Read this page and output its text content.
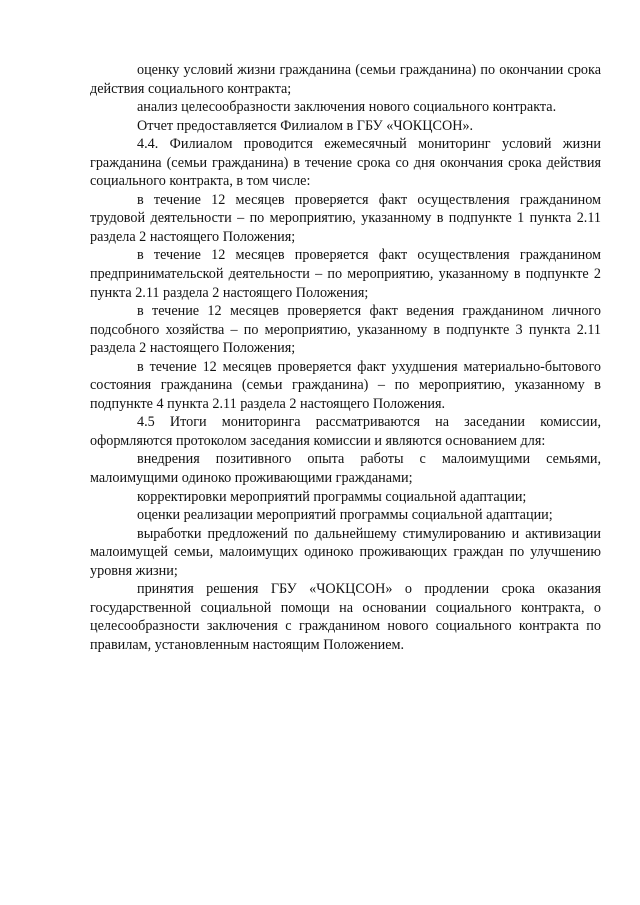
оценку условий жизни гражданина (семьи гражданина) по окончании срока действия социального контракта;

анализ целесообразности заключения нового социального контракта.

Отчет предоставляется Филиалом в ГБУ «ЧОКЦСОН».

4.4. Филиалом проводится ежемесячный мониторинг условий жизни гражданина (семьи гражданина) в течение срока со дня окончания срока действия социального контракта, в том числе:

в течение 12 месяцев проверяется факт осуществления гражданином трудовой деятельности – по мероприятию, указанному в подпункте 1 пункта 2.11 раздела 2 настоящего Положения;

в течение 12 месяцев проверяется факт осуществления гражданином предпринимательской деятельности – по мероприятию, указанному в подпункте 2 пункта 2.11 раздела 2 настоящего Положения;

в течение 12 месяцев проверяется факт ведения гражданином личного подсобного хозяйства – по мероприятию, указанному в подпункте 3 пункта 2.11 раздела 2 настоящего Положения;

в течение 12 месяцев проверяется факт ухудшения материально-бытового состояния гражданина (семьи гражданина) – по мероприятию, указанному в подпункте 4 пункта 2.11 раздела 2 настоящего Положения.

4.5 Итоги мониторинга рассматриваются на заседании комиссии, оформляются протоколом заседания комиссии и являются основанием для:

внедрения позитивного опыта работы с малоимущими семьями, малоимущими одиноко проживающими гражданами;

корректировки мероприятий программы социальной адаптации;

оценки реализации мероприятий программы социальной адаптации;

выработки предложений по дальнейшему стимулированию и активизации малоимущей семьи, малоимущих одиноко проживающих граждан по улучшению уровня жизни;

принятия решения ГБУ «ЧОКЦСОН» о продлении срока оказания государственной социальной помощи на основании социального контракта, о целесообразности заключения с гражданином нового социального контракта по правилам, установленным настоящим Положением.
